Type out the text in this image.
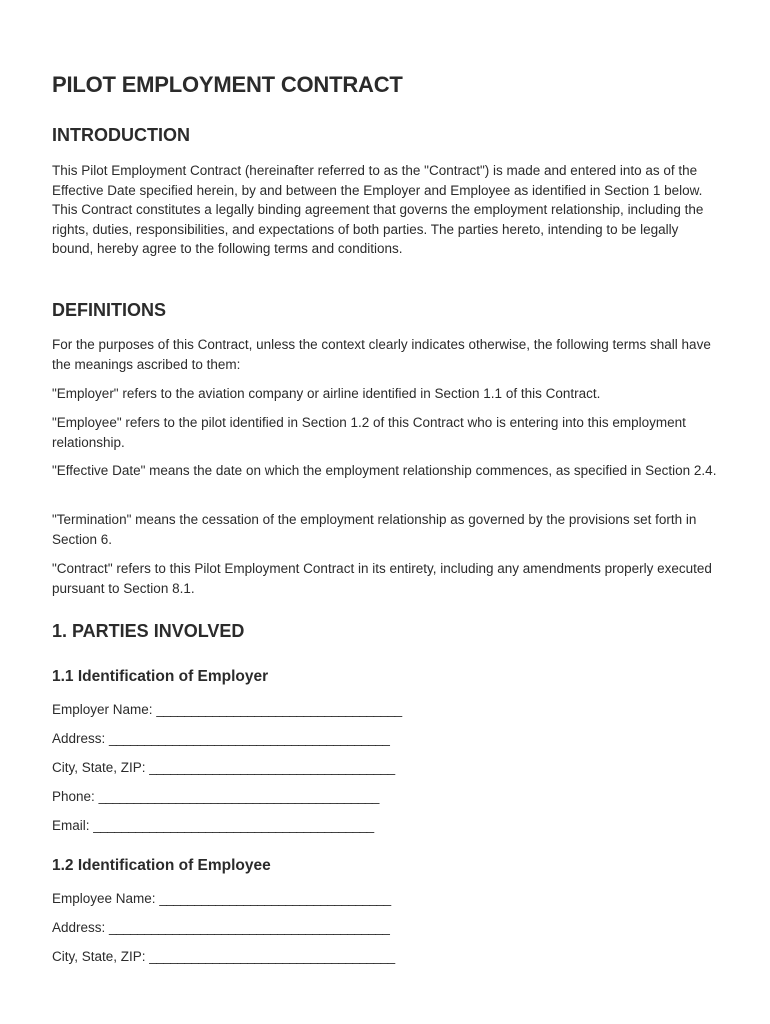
PILOT EMPLOYMENT CONTRACT
INTRODUCTION

This Pilot Employment Contract (hereinafter referred to as the "Contract") is made and entered into as of the Effective Date specified herein, by and between the Employer and Employee as identified in Section 1 below. This Contract constitutes a legally binding agreement that governs the employment relationship, including the rights, duties, responsibilities, and expectations of both parties. The parties hereto, intending to be legally bound, hereby agree to the following terms and conditions.

DEFINITIONS

For the purposes of this Contract, unless the context clearly indicates otherwise, the following terms shall have the meanings ascribed to them:

"Employer" refers to the aviation company or airline identified in Section 1.1 of this Contract.

"Employee" refers to the pilot identified in Section 1.2 of this Contract who is entering into this employment relationship.

"Effective Date" means the date on which the employment relationship commences, as specified in Section 2.4.

"Termination" means the cessation of the employment relationship as governed by the provisions set forth in Section 6.

"Contract" refers to this Pilot Employment Contract in its entirety, including any amendments properly executed pursuant to Section 8.1.

1. PARTIES INVOLVED
1.1 Identification of Employer
Employer Name: ___________________________________
Address: ________________________________________
City, State, ZIP: ___________________________________
Phone: ________________________________________
Email: ________________________________________
1.2 Identification of Employee
Employee Name: _________________________________
Address: ________________________________________
City, State, ZIP: ___________________________________
